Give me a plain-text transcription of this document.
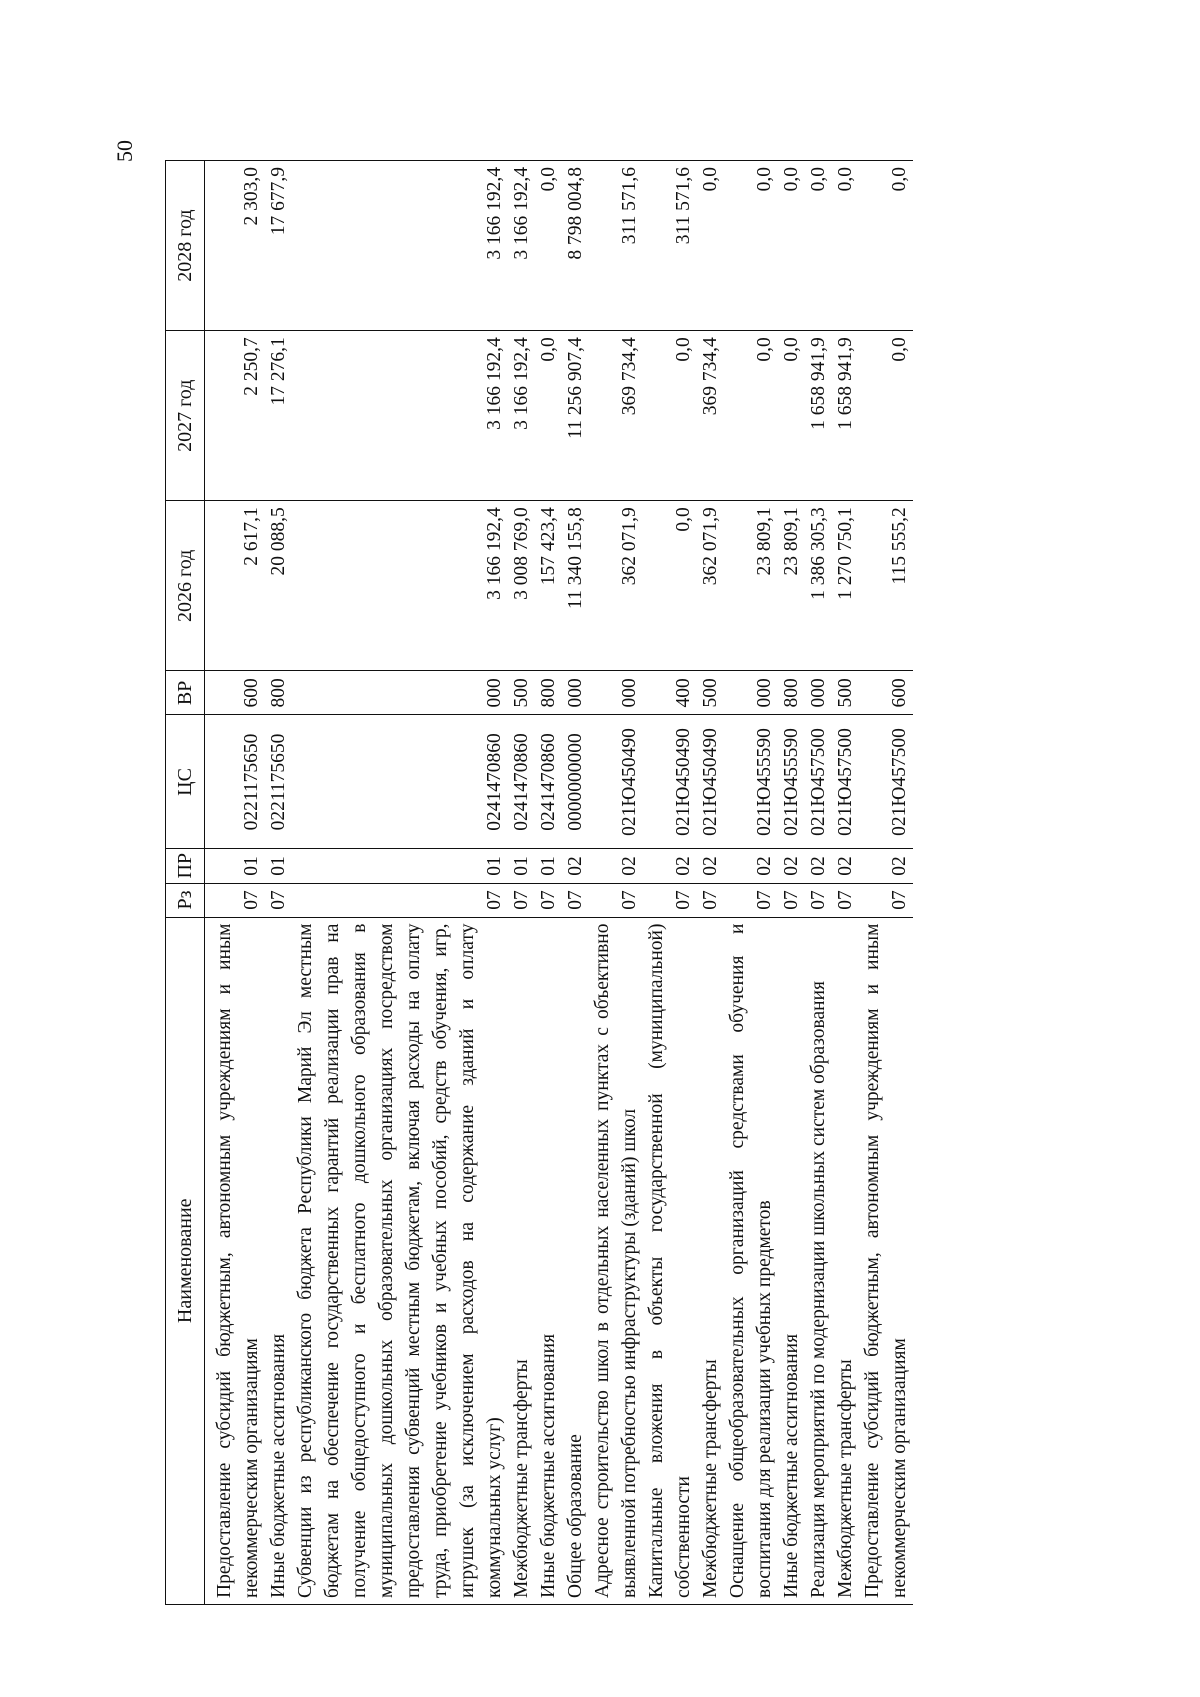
50
Наименование	Рз	ПР	ЦС	ВР	2026 год	2027 год	2028 год

Предоставление субсидий бюджетным, автономным учреждениям и иным некоммерческим организациям	07	01	0221175650	600	2 617,1	2 250,7	2 303,0
Иные бюджетные ассигнования	07	01	0221175650	800	20 088,5	17 276,1	17 677,9
Субвенции из республиканского бюджета Республики Марий Эл местным бюджетам на обеспечение государственных гарантий реализации прав на получение общедоступного и бесплатного дошкольного образования в муниципальных дошкольных образовательных организациях посредством предоставления субвенций местным бюджетам, включая расходы на оплату труда, приобретение учебников и учебных пособий, средств обучения, игр, игрушек (за исключением расходов на содержание зданий и оплату коммунальных услуг)	07	01	0241470860	000	3 166 192,4	3 166 192,4	3 166 192,4
Межбюджетные трансферты	07	01	0241470860	500	3 008 769,0	3 166 192,4	3 166 192,4
Иные бюджетные ассигнования	07	01	0241470860	800	157 423,4	0,0	0,0
Общее образование	07	02	0000000000	000	11 340 155,8	11 256 907,4	8 798 004,8
Адресное строительство школ в отдельных населенных пунктах с объективно выявленной потребностью инфраструктуры (зданий) школ	07	02	021Ю450490	000	362 071,9	369 734,4	311 571,6
Капитальные вложения в объекты государственной (муниципальной) собственности	07	02	021Ю450490	400	0,0	0,0	311 571,6
Межбюджетные трансферты	07	02	021Ю450490	500	362 071,9	369 734,4	0,0
Оснащение общеобразовательных организаций средствами обучения и воспитания для реализации учебных предметов	07	02	021Ю455590	000	23 809,1	0,0	0,0
Иные бюджетные ассигнования	07	02	021Ю455590	800	23 809,1	0,0	0,0
Реализация мероприятий по модернизации школьных систем образования	07	02	021Ю457500	000	1 386 305,3	1 658 941,9	0,0
Межбюджетные трансферты	07	02	021Ю457500	500	1 270 750,1	1 658 941,9	0,0
Предоставление субсидий бюджетным, автономным учреждениям и иным некоммерческим организациям	07	02	021Ю457500	600	115 555,2	0,0	0,0
